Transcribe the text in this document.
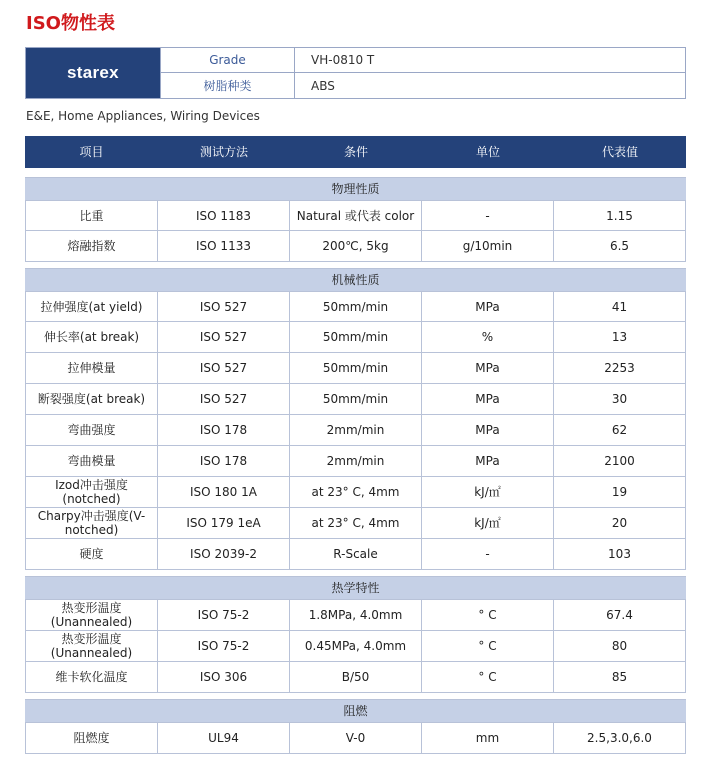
ISO物性表
starex
Grade	VH-0810 T
树脂种类	ABS
E&E, Home Appliances, Wiring Devices
项目	测试方法	条件	单位	代表值

物理性质				
比重	ISO 1183	Natural 或代表 color	-	1.15
熔融指数	ISO 1133	200℃, 5kg	g/10min	6.5

机械性质				
拉伸强度(at yield)	ISO 527	50mm/min	MPa	41
伸长率(at break)	ISO 527	50mm/min	%	13
拉伸模量	ISO 527	50mm/min	MPa	2253
断裂强度(at break)	ISO 527	50mm/min	MPa	30
弯曲强度	ISO 178	2mm/min	MPa	62
弯曲模量	ISO 178	2mm/min	MPa	2100
Izod冲击强度(notched)	ISO 180 1A	at 23° C, 4mm	kJ/㎡	19
Charpy冲击强度(V-notched)	ISO 179 1eA	at 23° C, 4mm	kJ/㎡	20
硬度	ISO 2039-2	R-Scale	-	103

热学特性				
热变形温度(Unannealed)	ISO 75-2	1.8MPa, 4.0mm	° C	67.4
热变形温度(Unannealed)	ISO 75-2	0.45MPa, 4.0mm	° C	80
维卡软化温度	ISO 306	B/50	° C	85

阻燃				
阻燃度	UL94	V-0	mm	2.5,3.0,6.0
